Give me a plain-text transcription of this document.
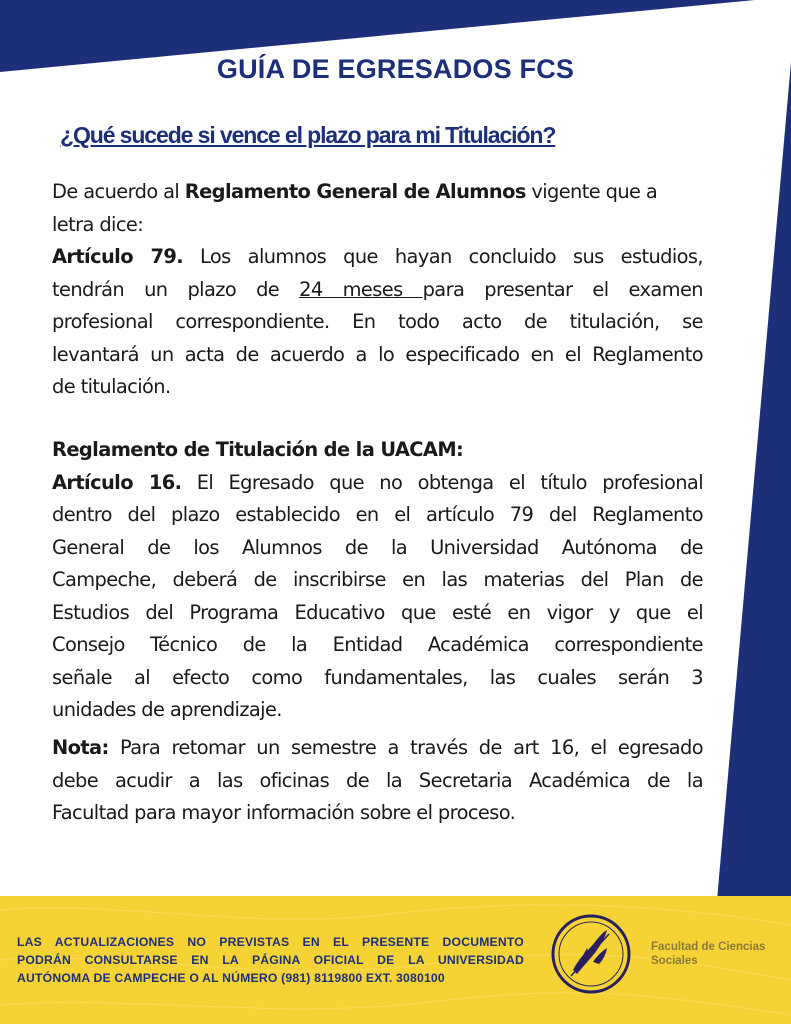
GUÍA DE EGRESADOS FCS
¿Qué sucede si vence el plazo para mi Titulación?
De acuerdo al Reglamento General de Alumnos vigente que a
letra dice:
Artículo 79. Los alumnos que hayan concluido sus estudios,
tendrán un plazo de 24 meses para presentar el examen
profesional correspondiente. En todo acto de titulación, se
levantará un acta de acuerdo a lo especificado en el Reglamento
de titulación.
Reglamento de Titulación de la UACAM:
Artículo 16. El Egresado que no obtenga el título profesional
dentro del plazo establecido en el artículo 79 del Reglamento
General de los Alumnos de la Universidad Autónoma de
Campeche, deberá de inscribirse en las materias del Plan de
Estudios del Programa Educativo que esté en vigor y que el
Consejo Técnico de la Entidad Académica correspondiente
señale al efecto como fundamentales, las cuales serán 3
unidades de aprendizaje.
Nota: Para retomar un semestre a través de art 16, el egresado
debe acudir a las oficinas de la Secretaria Académica de la
Facultad para mayor información sobre el proceso.
LAS ACTUALIZACIONES NO PREVISTAS EN EL PRESENTE DOCUMENTO
PODRÁN CONSULTARSE EN LA PÁGINA OFICIAL DE LA UNIVERSIDAD
AUTÓNOMA DE CAMPECHE O AL NÚMERO (981) 8119800 EXT. 3080100
Facultad de Ciencias
Sociales
